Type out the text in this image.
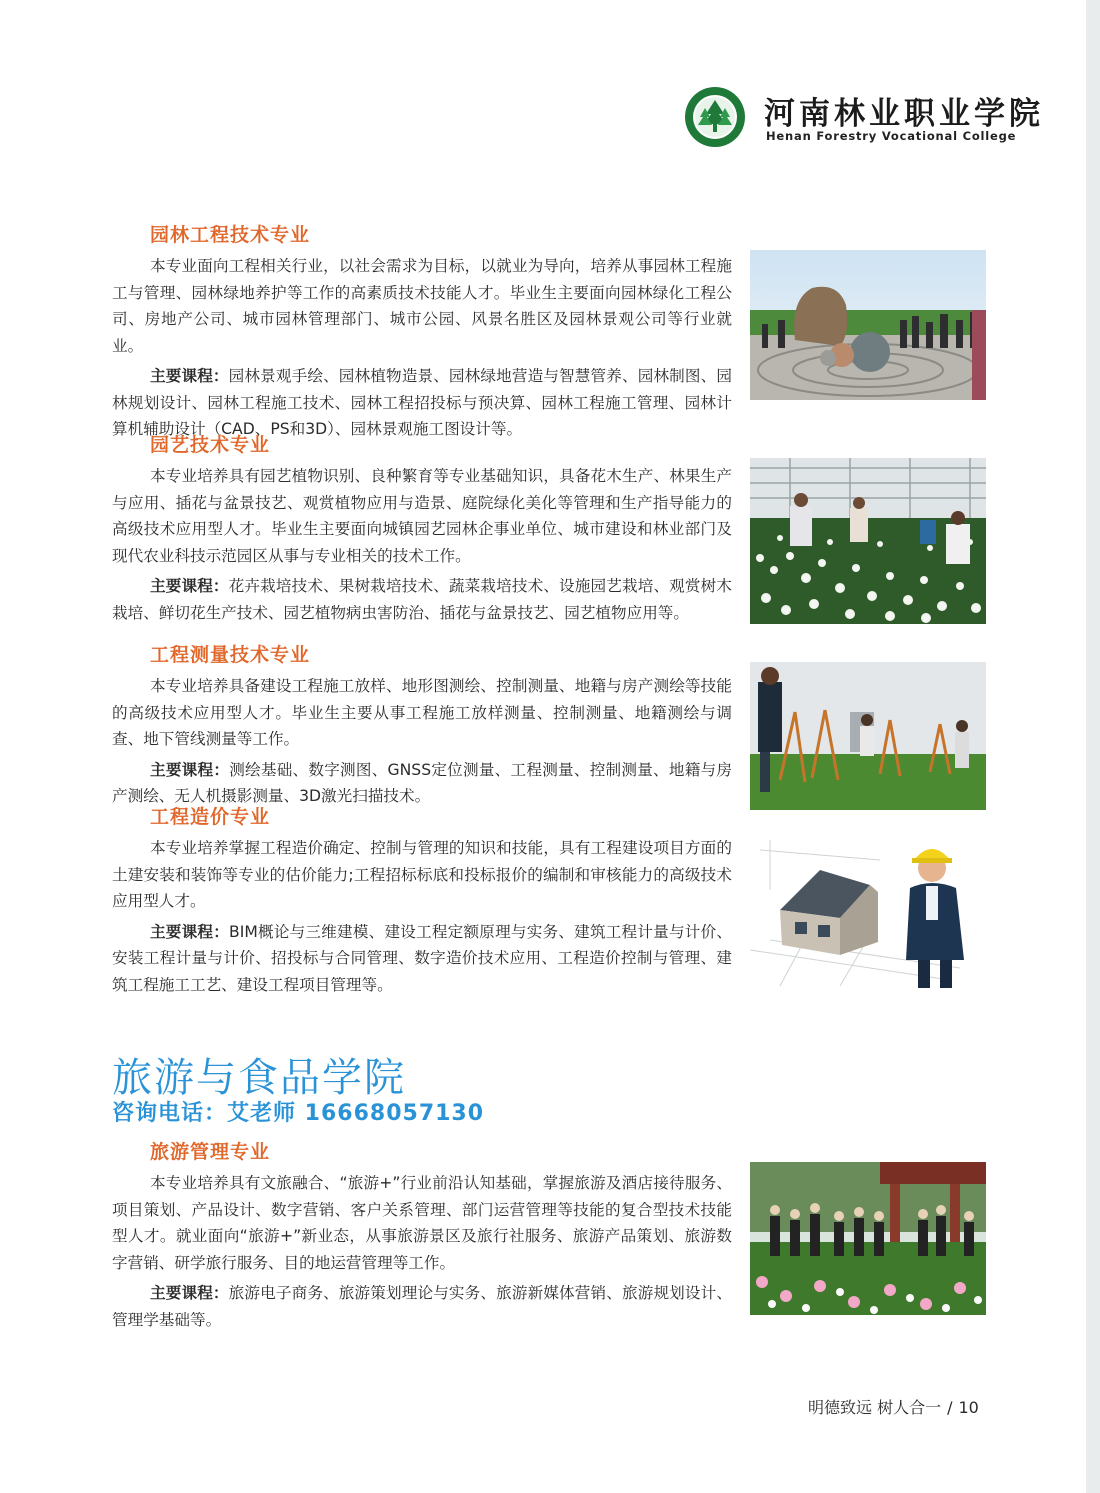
河南林业职业学院
Henan Forestry Vocational College
园林工程技术专业

本专业面向工程相关行业，以社会需求为目标，以就业为导向，培养从事园林工程施工与管理、园林绿地养护等工作的高素质技术技能人才。毕业生主要面向园林绿化工程公司、房地产公司、城市园林管理部门、城市公园、风景名胜区及园林景观公司等行业就业。

主要课程：园林景观手绘、园林植物造景、园林绿地营造与智慧管养、园林制图、园林规划设计、园林工程施工技术、园林工程招投标与预决算、园林工程施工管理、园林计算机辅助设计（CAD、PS和3D）、园林景观施工图设计等。

园艺技术专业

本专业培养具有园艺植物识别、良种繁育等专业基础知识，具备花木生产、林果生产与应用、插花与盆景技艺、观赏植物应用与造景、庭院绿化美化等管理和生产指导能力的高级技术应用型人才。毕业生主要面向城镇园艺园林企事业单位、城市建设和林业部门及现代农业科技示范园区从事与专业相关的技术工作。

主要课程：花卉栽培技术、果树栽培技术、蔬菜栽培技术、设施园艺栽培、观赏树木栽培、鲜切花生产技术、园艺植物病虫害防治、插花与盆景技艺、园艺植物应用等。

工程测量技术专业

本专业培养具备建设工程施工放样、地形图测绘、控制测量、地籍与房产测绘等技能的高级技术应用型人才。毕业生主要从事工程施工放样测量、控制测量、地籍测绘与调查、地下管线测量等工作。

主要课程：测绘基础、数字测图、GNSS定位测量、工程测量、控制测量、地籍与房产测绘、无人机摄影测量、3D激光扫描技术。

工程造价专业

本专业培养掌握工程造价确定、控制与管理的知识和技能，具有工程建设项目方面的土建安装和装饰等专业的估价能力;工程招标标底和投标报价的编制和审核能力的高级技术应用型人才。

主要课程：BIM概论与三维建模、建设工程定额原理与实务、建筑工程计量与计价、安装工程计量与计价、招投标与合同管理、数字造价技术应用、工程造价控制与管理、建筑工程施工工艺、建设工程项目管理等。

旅游与食品学院
咨询电话：艾老师 16668057130
旅游管理专业

本专业培养具有文旅融合、“旅游+”行业前沿认知基础，掌握旅游及酒店接待服务、项目策划、产品设计、数字营销、客户关系管理、部门运营管理等技能的复合型技术技能型人才。就业面向“旅游+”新业态，从事旅游景区及旅行社服务、旅游产品策划、旅游数字营销、研学旅行服务、目的地运营管理等工作。

主要课程：旅游电子商务、旅游策划理论与实务、旅游新媒体营销、旅游规划设计、管理学基础等。

明德致远 树人合一 / 10
